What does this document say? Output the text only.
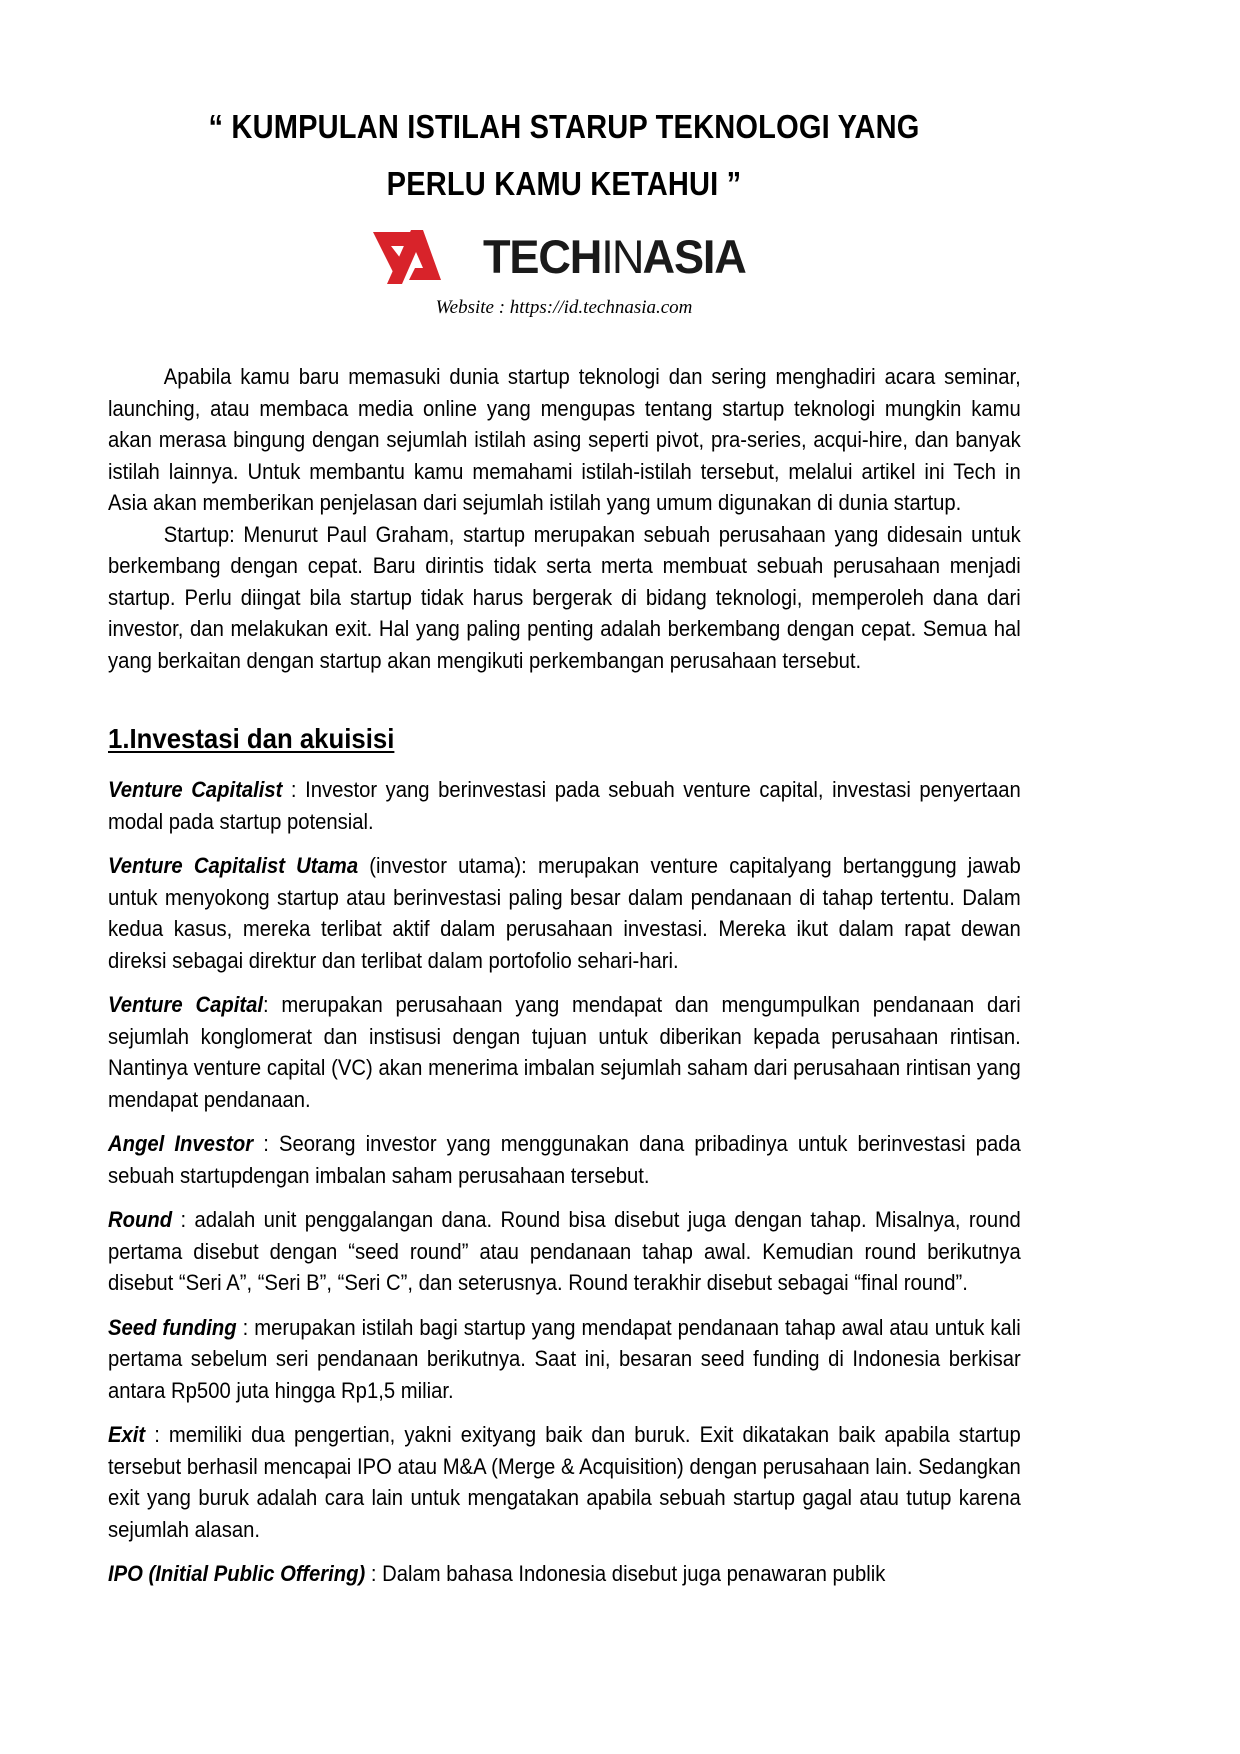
“ KUMPULAN ISTILAH STARUP TEKNOLOGI YANG
PERLU KAMU KETAHUI ”
TECHINASIA
Website : https://id.technasia.com

Apabila kamu baru memasuki dunia startup teknologi dan sering menghadiri acara seminar, launching, atau membaca media online yang mengupas tentang startup teknologi mungkin kamu akan merasa bingung dengan sejumlah istilah asing seperti pivot, pra-series, acqui-hire, dan banyak istilah lainnya. Untuk membantu kamu memahami istilah-istilah tersebut, melalui artikel ini Tech in Asia akan memberikan penjelasan dari sejumlah istilah yang umum digunakan di dunia startup.

Startup: Menurut Paul Graham, startup merupakan sebuah perusahaan yang didesain untuk berkembang dengan cepat. Baru dirintis tidak serta merta membuat sebuah perusahaan menjadi startup. Perlu diingat bila startup tidak harus bergerak di bidang teknologi, memperoleh dana dari investor, dan melakukan exit. Hal yang paling penting adalah berkembang dengan cepat. Semua hal yang berkaitan dengan startup akan mengikuti perkembangan perusahaan tersebut.

1.Investasi dan akuisisi

Venture Capitalist : Investor yang berinvestasi pada sebuah venture capital, investasi penyertaan modal pada startup potensial.

Venture Capitalist Utama (investor utama): merupakan venture capitalyang bertanggung jawab untuk menyokong startup atau berinvestasi paling besar dalam pendanaan di tahap tertentu. Dalam kedua kasus, mereka terlibat aktif dalam perusahaan investasi. Mereka ikut dalam rapat dewan direksi sebagai direktur dan terlibat dalam portofolio sehari-hari.

Venture Capital: merupakan perusahaan yang mendapat dan mengumpulkan pendanaan dari sejumlah konglomerat dan instisusi dengan tujuan untuk diberikan kepada perusahaan rintisan. Nantinya venture capital (VC) akan menerima imbalan sejumlah saham dari perusahaan rintisan yang mendapat pendanaan.

Angel Investor : Seorang investor yang menggunakan dana pribadinya untuk berinvestasi pada sebuah startupdengan imbalan saham perusahaan tersebut.

Round : adalah unit penggalangan dana. Round bisa disebut juga dengan tahap. Misalnya, round pertama disebut dengan “seed round” atau pendanaan tahap awal. Kemudian round berikutnya disebut “Seri A”, “Seri B”, “Seri C”, dan seterusnya. Round terakhir disebut sebagai “final round”.

Seed funding : merupakan istilah bagi startup yang mendapat pendanaan tahap awal atau untuk kali pertama sebelum seri pendanaan berikutnya. Saat ini, besaran seed funding di Indonesia berkisar antara Rp500 juta hingga Rp1,5 miliar.

Exit : memiliki dua pengertian, yakni exityang baik dan buruk. Exit dikatakan baik apabila startup tersebut berhasil mencapai IPO atau M&A (Merge & Acquisition) dengan perusahaan lain. Sedangkan exit yang buruk adalah cara lain untuk mengatakan apabila sebuah startup gagal atau tutup karena sejumlah alasan.

IPO (Initial Public Offering) : Dalam bahasa Indonesia disebut juga penawaran publik
